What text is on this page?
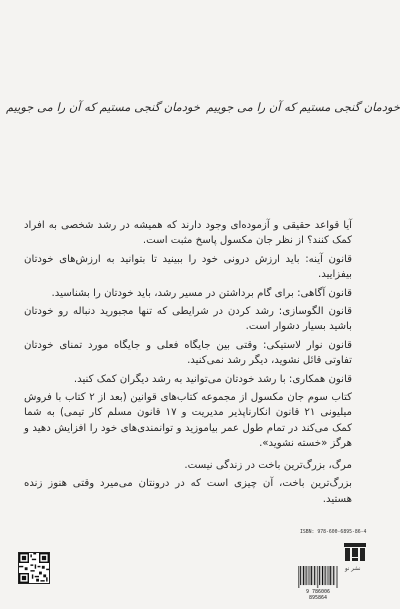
خودمان گنجی مستیم که آن را می جوییم خودمان گنجی مستیم که آن را می جوییم

آیا قواعد حقیقی و آزموده‌ای وجود دارند که همیشه در رشد شخصی به افراد کمک کنند؟ از نظر جان مکسول پاسخ مثبت است.

قانون آینه: باید ارزش درونی خود را ببینید تا بتوانید به ارزش‌های خودتان بیفزایید.

قانون آگاهی: برای گام برداشتن در مسیر رشد، باید خودتان را بشناسید.

قانون الگوسازی: رشد کردن در شرایطی که تنها مجبورید دنباله رو خودتان باشید بسیار دشوار است.

قانون نوار لاستیکی: وقتی بین جایگاه فعلی و جایگاه مورد تمنای خودتان تفاوتی قائل نشوید، دیگر رشد نمی‌کنید.

قانون همکاری: با رشد خودتان می‌توانید به رشد دیگران کمک کنید.

کتاب سوم جان مکسول از مجموعه کتاب‌های قوانین (بعد از ۲ کتاب با فروش میلیونی ۲۱ قانون انکارناپذیر مدیریت و ۱۷ قانون مسلم کار تیمی) به شما کمک می‌کند در تمام طول عمر بیاموزید و توانمندی‌های خود را افزایش دهید و هرگز «خسته نشوید».

مرگ، بزرگ‌ترین باخت در زندگی نیست.

بزرگ‌ترین باخت، آن چیزی است که در درونتان می‌میرد وقتی هنوز زنده هستید.

ISBN: 978-600-6895-86-4
نشر نو
9 786006 895864
